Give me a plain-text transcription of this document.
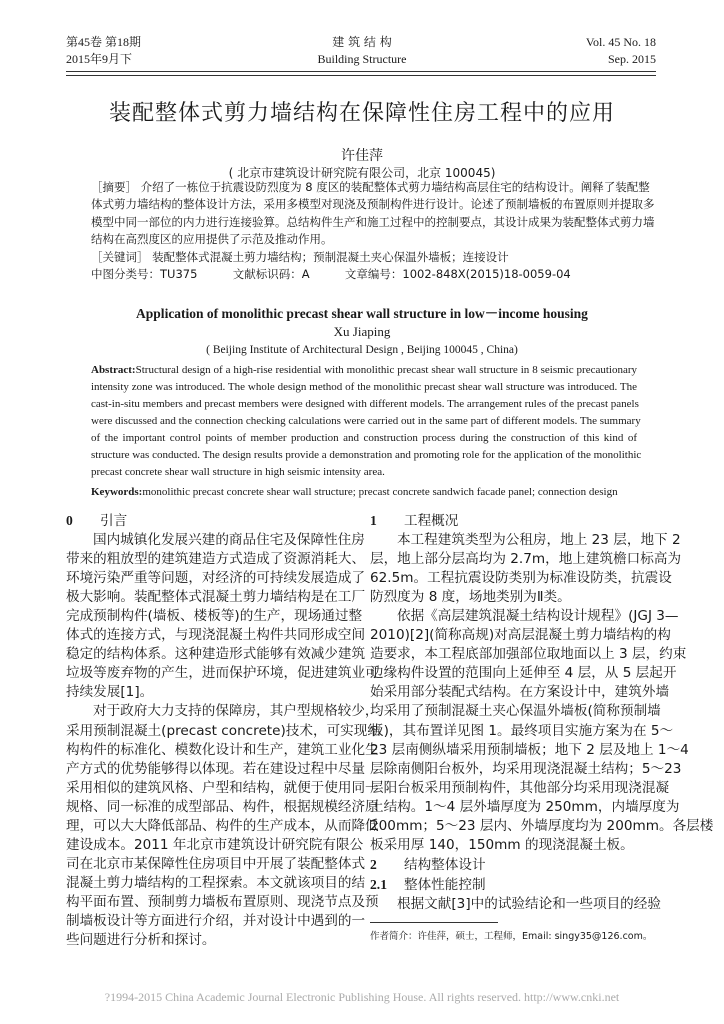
第45卷 第18期
2015年9月下
建 筑 结 构
Building Structure
Vol. 45 No. 18
Sep. 2015
装配整体式剪力墙结构在保障性住房工程中的应用
许佳萍
( 北京市建筑设计研究院有限公司，北京 100045)
［摘要］ 介绍了一栋位于抗震设防烈度为 8 度区的装配整体式剪力墙结构高层住宅的结构设计。阐释了装配整
体式剪力墙结构的整体设计方法，采用多模型对现浇及预制构件进行设计。论述了预制墙板的布置原则并提取多
模型中同一部位的内力进行连接验算。总结构件生产和施工过程中的控制要点，其设计成果为装配整体式剪力墙
结构在高烈度区的应用提供了示范及推动作用。
［关键词］ 装配整体式混凝土剪力墙结构；预制混凝土夹心保温外墙板；连接设计
中图分类号：TU375	文献标识码：A	文章编号：1002-848X(2015)18-0059-04
Application of monolithic precast shear wall structure in low－income housing
Xu Jiaping
( Beijing Institute of Architectural Design , Beijing 100045 , China)
Abstract:Structural design of a high-rise residential with monolithic precast shear wall structure in 8 seismic precautionary
intensity zone was introduced. The whole design method of the monolithic precast shear wall structure was introduced. The
cast-in-situ members and precast members were designed with different models. The arrangement rules of the precast panels
were discussed and the connection checking calculations were carried out in the same part of different models. The summary
of the important control points of member production and construction process during the construction of this kind of
structure was conducted. The design results provide a demonstration and promoting role for the application of the monolithic
precast concrete shear wall structure in high seismic intensity area.
Keywords:monolithic precast concrete shear wall structure; precast concrete sandwich facade panel; connection design
0 引言
国内城镇化发展兴建的商品住宅及保障性住房
带来的粗放型的建筑建造方式造成了资源消耗大、
环境污染严重等问题，对经济的可持续发展造成了
极大影响。装配整体式混凝土剪力墙结构是在工厂
完成预制构件(墙板、楼板等)的生产，现场通过整
体式的连接方式，与现浇混凝土构件共同形成空间
稳定的结构体系。这种建造形式能够有效减少建筑
垃圾等废弃物的产生，进而保护环境，促进建筑业可
持续发展[1]。
对于政府大力支持的保障房，其户型规格较少，
采用预制混凝土(precast concrete)技术，可实现结
构构件的标准化、模数化设计和生产，建筑工业化生
产方式的优势能够得以体现。若在建设过程中尽量
采用相似的建筑风格、户型和结构，就便于使用同一
规格、同一标准的成型部品、构件，根据规模经济原
理，可以大大降低部品、构件的生产成本，从而降低
建设成本。2011 年北京市建筑设计研究院有限公
司在北京市某保障性住房项目中开展了装配整体式
混凝土剪力墙结构的工程探索。本文就该项目的结
构平面布置、预制剪力墙板布置原则、现浇节点及预
制墙板设计等方面进行介绍，并对设计中遇到的一
些问题进行分析和探讨。
1 工程概况
本工程建筑类型为公租房，地上 23 层，地下 2
层，地上部分层高均为 2.7m，地上建筑檐口标高为
62.5m。工程抗震设防类别为标准设防类，抗震设
防烈度为 8 度，场地类别为Ⅱ类。
依据《高层建筑混凝土结构设计规程》(JGJ 3—
2010)[2](简称高规)对高层混凝土剪力墙结构的构
造要求，本工程底部加强部位取地面以上 3 层，约束
边缘构件设置的范围向上延伸至 4 层，从 5 层起开
始采用部分装配式结构。在方案设计中，建筑外墙
均采用了预制混凝土夹心保温外墙板(简称预制墙
板)，其布置详见图 1。最终项目实施方案为在 5～
23 层南侧纵墙采用预制墙板；地下 2 层及地上 1～4
层除南侧阳台板外，均采用现浇混凝土结构；5～23
层阳台板采用预制构件，其他部分均采用现浇混凝
土结构。1～4 层外墙厚度为 250mm，内墙厚度为
200mm；5～23 层内、外墙厚度均为 200mm。各层楼
板采用厚 140，150mm 的现浇混凝土板。
2 结构整体设计
2.1 整体性能控制
根据文献[3]中的试验结论和一些项目的经验
作者简介：许佳萍，硕士，工程师，Email: singy35@126.com。
?1994-2015 China Academic Journal Electronic Publishing House. All rights reserved. http://www.cnki.net
